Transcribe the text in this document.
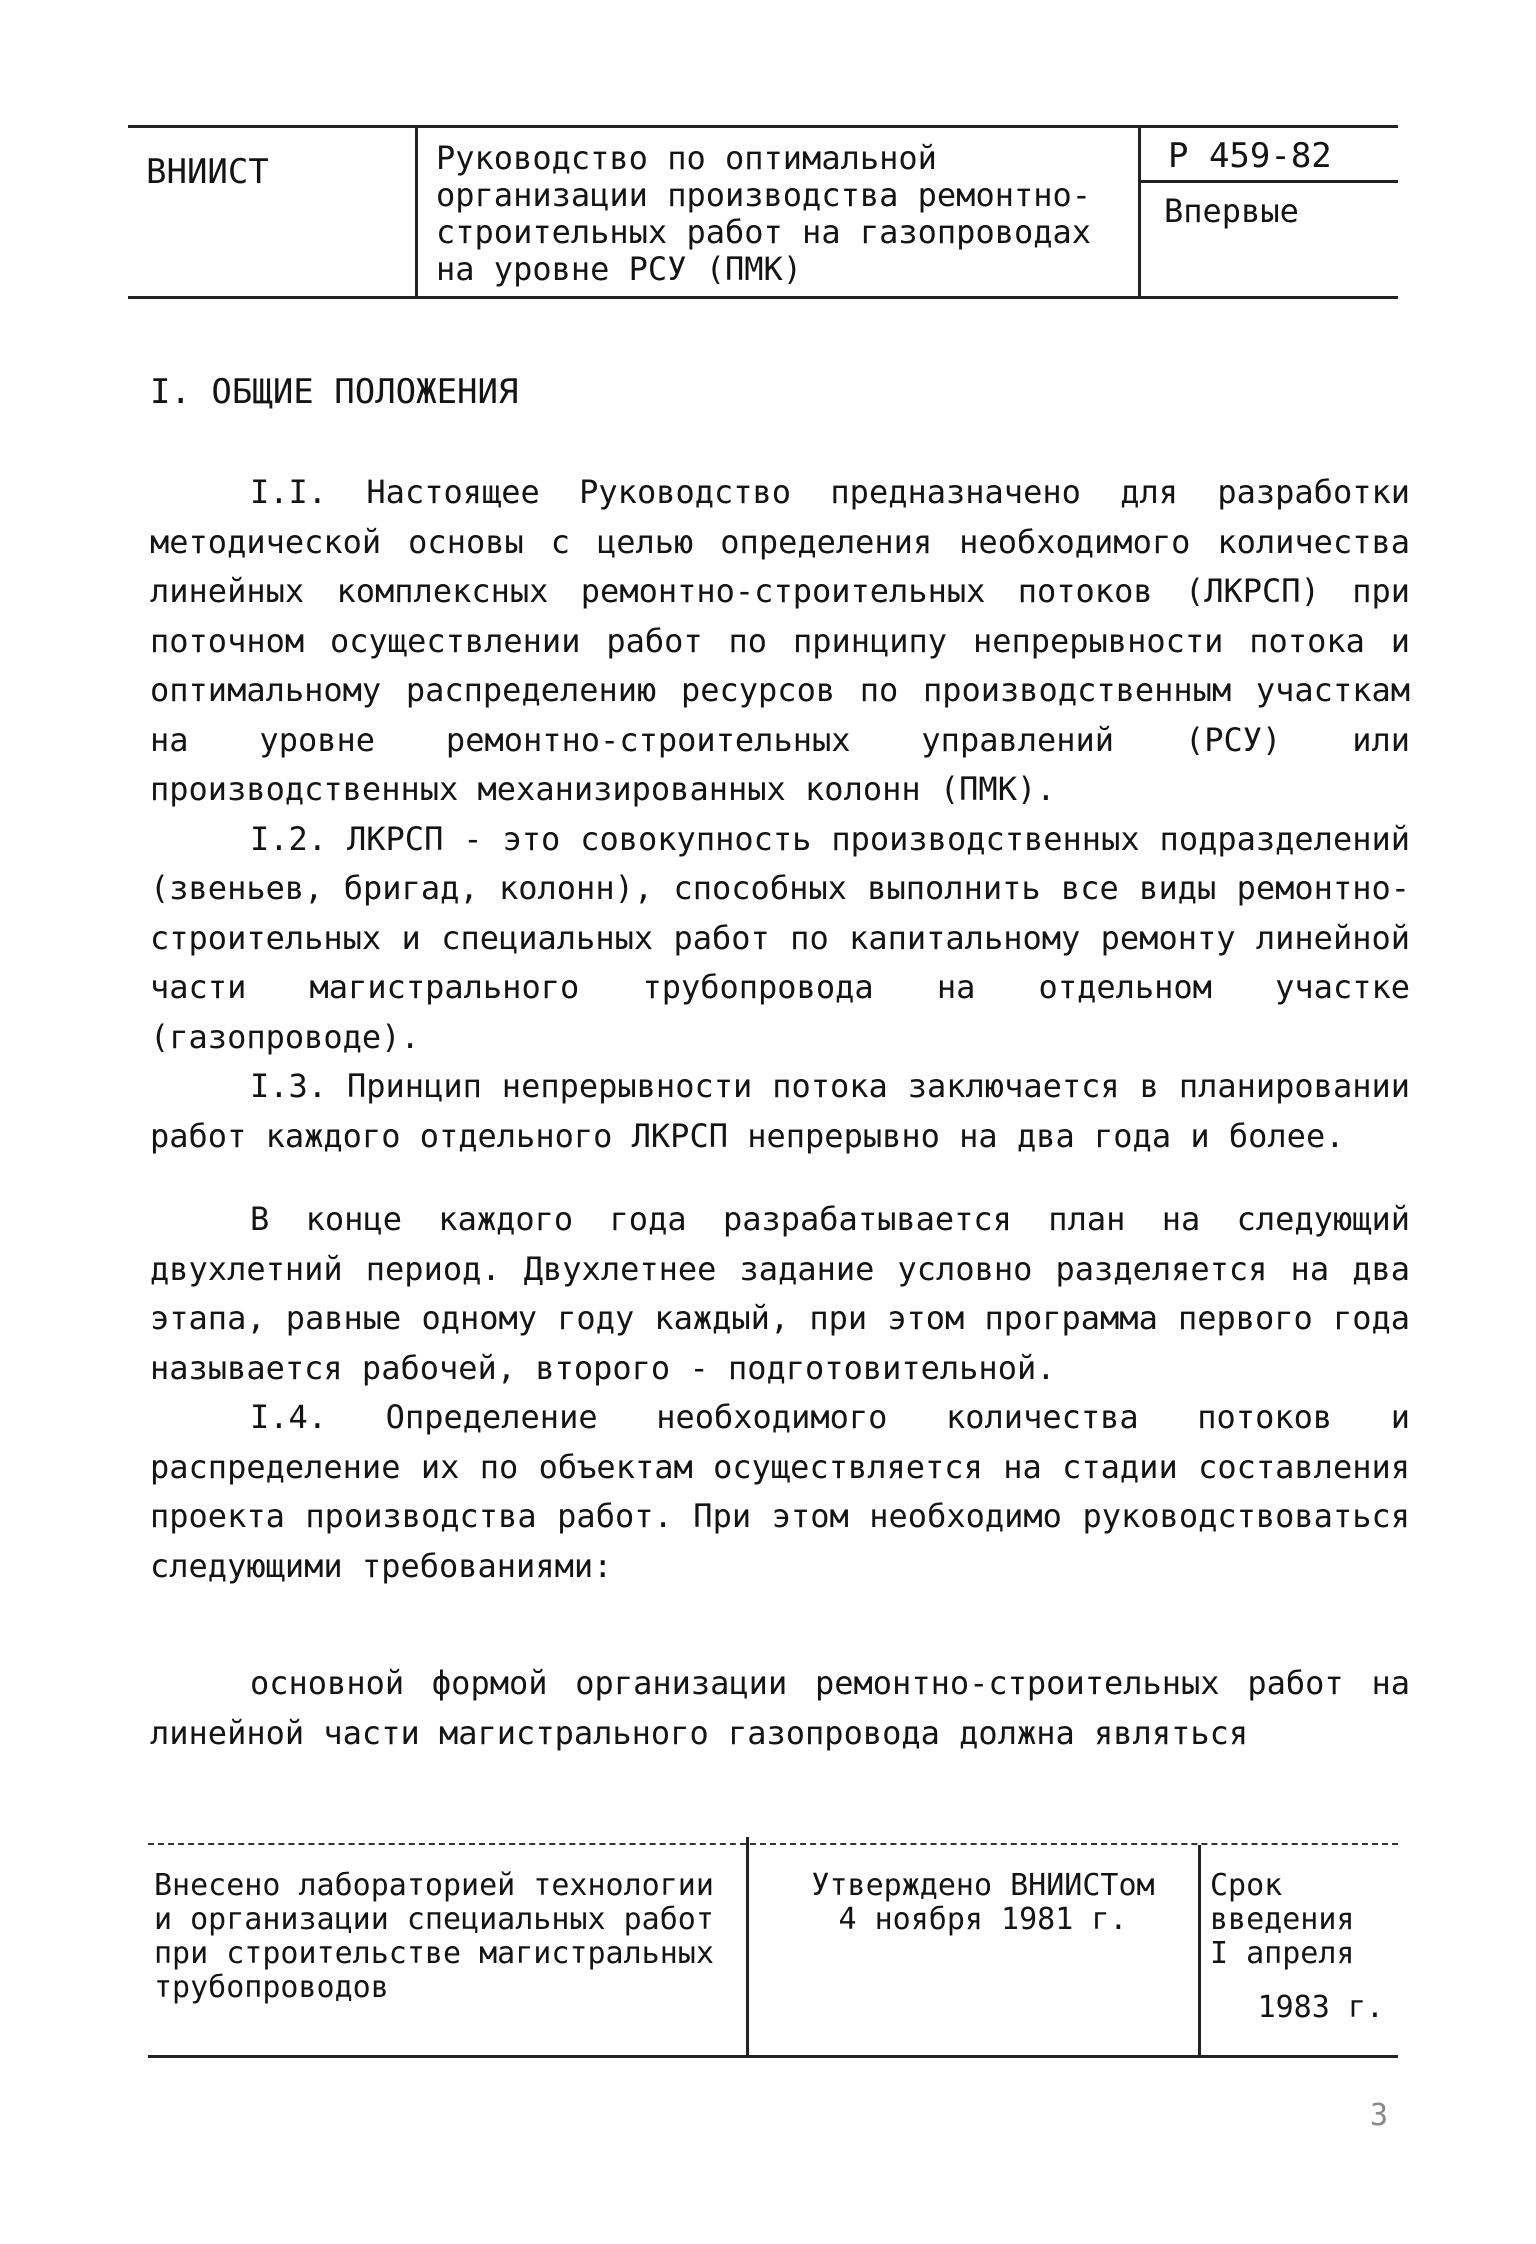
ВНИИСТ	Руководство по оптимальной организации производства ремонтно-строительных работ на газопроводах на уровне РСУ (ПМК)
Р 459-82
Впервые
I. ОБЩИЕ ПОЛОЖЕНИЯ

I.I. Настоящее Руководство предназначено для разработки методической основы с целью определения необходимого количества линейных комплексных ремонтно-строительных потоков (ЛКРСП) при поточном осуществлении работ по принципу непрерывности потока и оптимальному распределению ресурсов по производственным участкам на уровне ремонтно-строительных управлений (РСУ) или производственных механизированных колонн (ПМК).

I.2. ЛКРСП - это совокупность производственных подразделений (звеньев, бригад, колонн), способных выполнить все виды ремонтно-строительных и специальных работ по капитальному ремонту линейной части магистрального трубопровода на отдельном участке (газопроводе).

I.3. Принцип непрерывности потока заключается в планировании работ каждого отдельного ЛКРСП непрерывно на два года и более.

В конце каждого года разрабатывается план на следующий двухлетний период. Двухлетнее задание условно разделяется на два этапа, равные одному году каждый, при этом программа первого года называется рабочей, второго - подготовительной.

I.4. Определение необходимого количества потоков и распределение их по объектам осуществляется на стадии составления проекта производства работ. При этом необходимо руководствоваться следующими требованиями:

основной формой организации ремонтно-строительных работ на линейной части магистрального газопровода должна являться

Внесено лабораторией технологии и организации специальных работ при строительстве магистральных трубопроводов
Утверждено ВНИИСТом
4 ноября 1981 г.
Срок введения
I апреля
1983 г.
3
